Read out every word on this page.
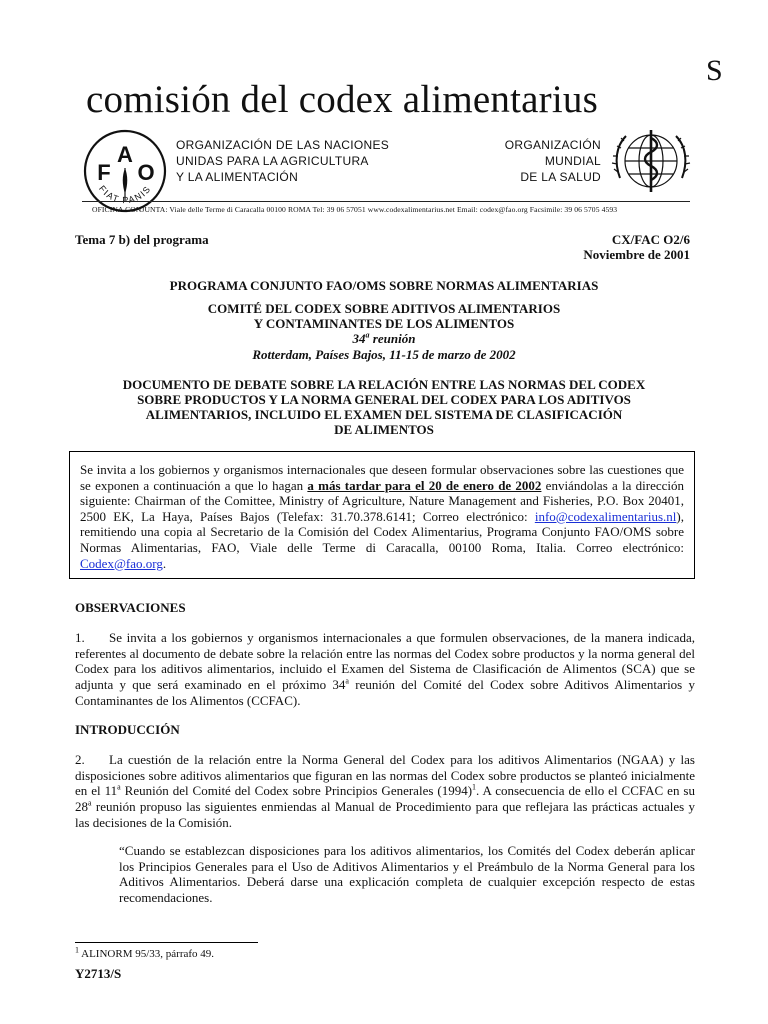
S
comisión del codex alimentarius
A
F O
FIAT PANIS
ORGANIZACIÓN DE LAS NACIONES
UNIDAS PARA LA AGRICULTURA
Y LA ALIMENTACIÓN
ORGANIZACIÓN
MUNDIAL
DE LA SALUD
OFICINA CONJUNTA: Viale delle Terme di Caracalla 00100 ROMA Tel: 39 06 57051 www.codexalimentarius.net Email: codex@fao.org Facsimile: 39 06 5705 4593
Tema 7 b) del programa	CX/FAC O2/6
Noviembre de 2001
PROGRAMA CONJUNTO FAO/OMS SOBRE NORMAS ALIMENTARIAS
COMITÉ DEL CODEX SOBRE ADITIVOS ALIMENTARIOS
Y CONTAMINANTES DE LOS ALIMENTOS
34$^a$ reunión
Rotterdam, Países Bajos, 11-15 de marzo de 2002
DOCUMENTO DE DEBATE SOBRE LA RELACIÓN ENTRE LAS NORMAS DEL CODEX
SOBRE PRODUCTOS Y LA NORMA GENERAL DEL CODEX PARA LOS ADITIVOS
ALIMENTARIOS, INCLUIDO EL EXAMEN DEL SISTEMA DE CLASIFICACIÓN
DE ALIMENTOS
Se invita a los gobiernos y organismos internacionales que deseen formular observaciones sobre las cuestiones que se exponen a continuación a que lo hagan a más tardar para el 20 de enero de 2002 enviándolas a la dirección siguiente: Chairman of the Comittee, Ministry of Agriculture, Nature Management and Fisheries, P.O. Box 20401, 2500 EK, La Haya, Países Bajos (Telefax: 31.70.378.6141; Correo electrónico: info@codexalimentarius.nl), remitiendo una copia al Secretario de la Comisión del Codex Alimentarius, Programa Conjunto FAO/OMS sobre Normas Alimentarias, FAO, Viale delle Terme di Caracalla, 00100 Roma, Italia. Correo electrónico: Codex@fao.org.
OBSERVACIONES
1. Se invita a los gobiernos y organismos internacionales a que formulen observaciones, de la manera indicada, referentes al documento de debate sobre la relación entre las normas del Codex sobre productos y la norma general del Codex para los aditivos alimentarios, incluido el Examen del Sistema de Clasificación de Alimentos (SCA) que se adjunta y que será examinado en el próximo 34$^a$ reunión del Comité del Codex sobre Aditivos Alimentarios y Contaminantes de los Alimentos (CCFAC).
INTRODUCCIÓN
2. La cuestión de la relación entre la Norma General del Codex para los aditivos Alimentarios (NGAA) y las disposiciones sobre aditivos alimentarios que figuran en las normas del Codex sobre productos se planteó inicialmente en el 11$^a$ Reunión del Comité del Codex sobre Principios Generales $(1994)^1$. A consecuencia de ello el CCFAC en su 28$^a$ reunión propuso las siguientes enmiendas al Manual de Procedimiento para que reflejara las prácticas actuales y las decisiones de la Comisión.
“Cuando se establezcan disposiciones para los aditivos alimentarios, los Comités del Codex deberán aplicar los Principios Generales para el Uso de Aditivos Alimentarios y el Preámbulo de la Norma General para los Aditivos Alimentarios. Deberá darse una explicación completa de cualquier excepción respecto de estas recomendaciones.
$^1$ ALINORM 95/33, párrafo 49.
Y2713/S
